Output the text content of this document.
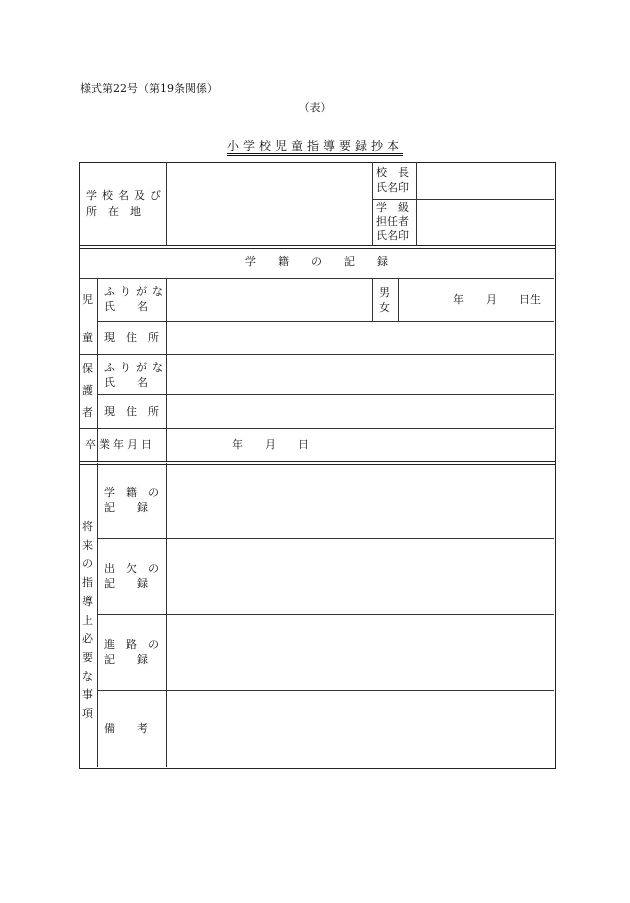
様式第22号（第19条関係）
（表）
小学校児童指導要録抄本
学校名及び
所　在　地
校　長
氏名印
学　級
担任者
氏名印
学　　籍　　の　　記　　録
児
童
ふりがな
氏　　名
男
女
年　　月　　日生
現　住　所
保
護
者
ふりがな
氏　　名
現　住　所
卒業年月日	年　　月　　日
将来の指導上必要な事項
学　籍　の
記　　録
出　欠　の
記　　録
進　路　の
記　　録
備　　考
